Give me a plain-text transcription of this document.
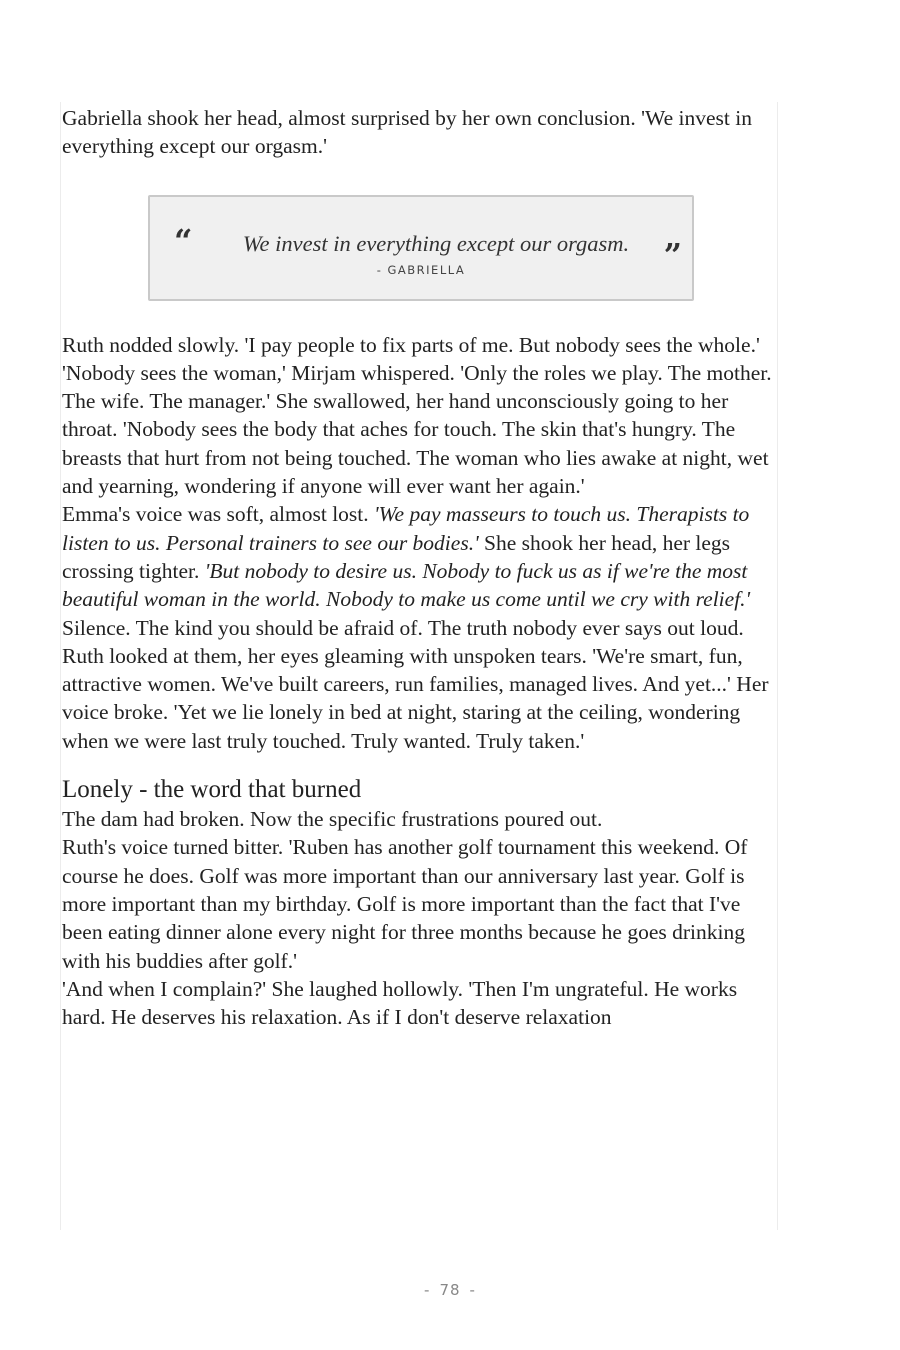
Gabriella shook her head, almost surprised by her own conclusion. 'We invest in everything except our orgasm.'

“	We invest in everything except our orgasm.
- GABRIELLA	”

Ruth nodded slowly. 'I pay people to fix parts of me. But nobody sees the whole.'

'Nobody sees the woman,' Mirjam whispered. 'Only the roles we play. The mother. The wife. The manager.' She swallowed, her hand unconsciously going to her throat. 'Nobody sees the body that aches for touch. The skin that's hungry. The breasts that hurt from not being touched. The woman who lies awake at night, wet and yearning, wondering if anyone will ever want her again.'

Emma's voice was soft, almost lost. 'We pay masseurs to touch us. Therapists to listen to us. Personal trainers to see our bodies.' She shook her head, her legs crossing tighter. 'But nobody to desire us. Nobody to fuck us as if we're the most beautiful woman in the world. Nobody to make us come until we cry with relief.'

Silence. The kind you should be afraid of. The truth nobody ever says out loud.

Ruth looked at them, her eyes gleaming with unspoken tears. 'We're smart, fun, attractive women. We've built careers, run families, managed lives. And yet...' Her voice broke. 'Yet we lie lonely in bed at night, staring at the ceiling, wondering when we were last truly touched. Truly wanted. Truly taken.'

Lonely - the word that burned

The dam had broken. Now the specific frustrations poured out.

Ruth's voice turned bitter. 'Ruben has another golf tournament this weekend. Of course he does. Golf was more important than our anniversary last year. Golf is more important than my birthday. Golf is more important than the fact that I've been eating dinner alone every night for three months because he goes drinking with his buddies after golf.'

'And when I complain?' She laughed hollowly. 'Then I'm ungrateful. He works hard. He deserves his relaxation. As if I don't deserve relaxation

- 78 -
